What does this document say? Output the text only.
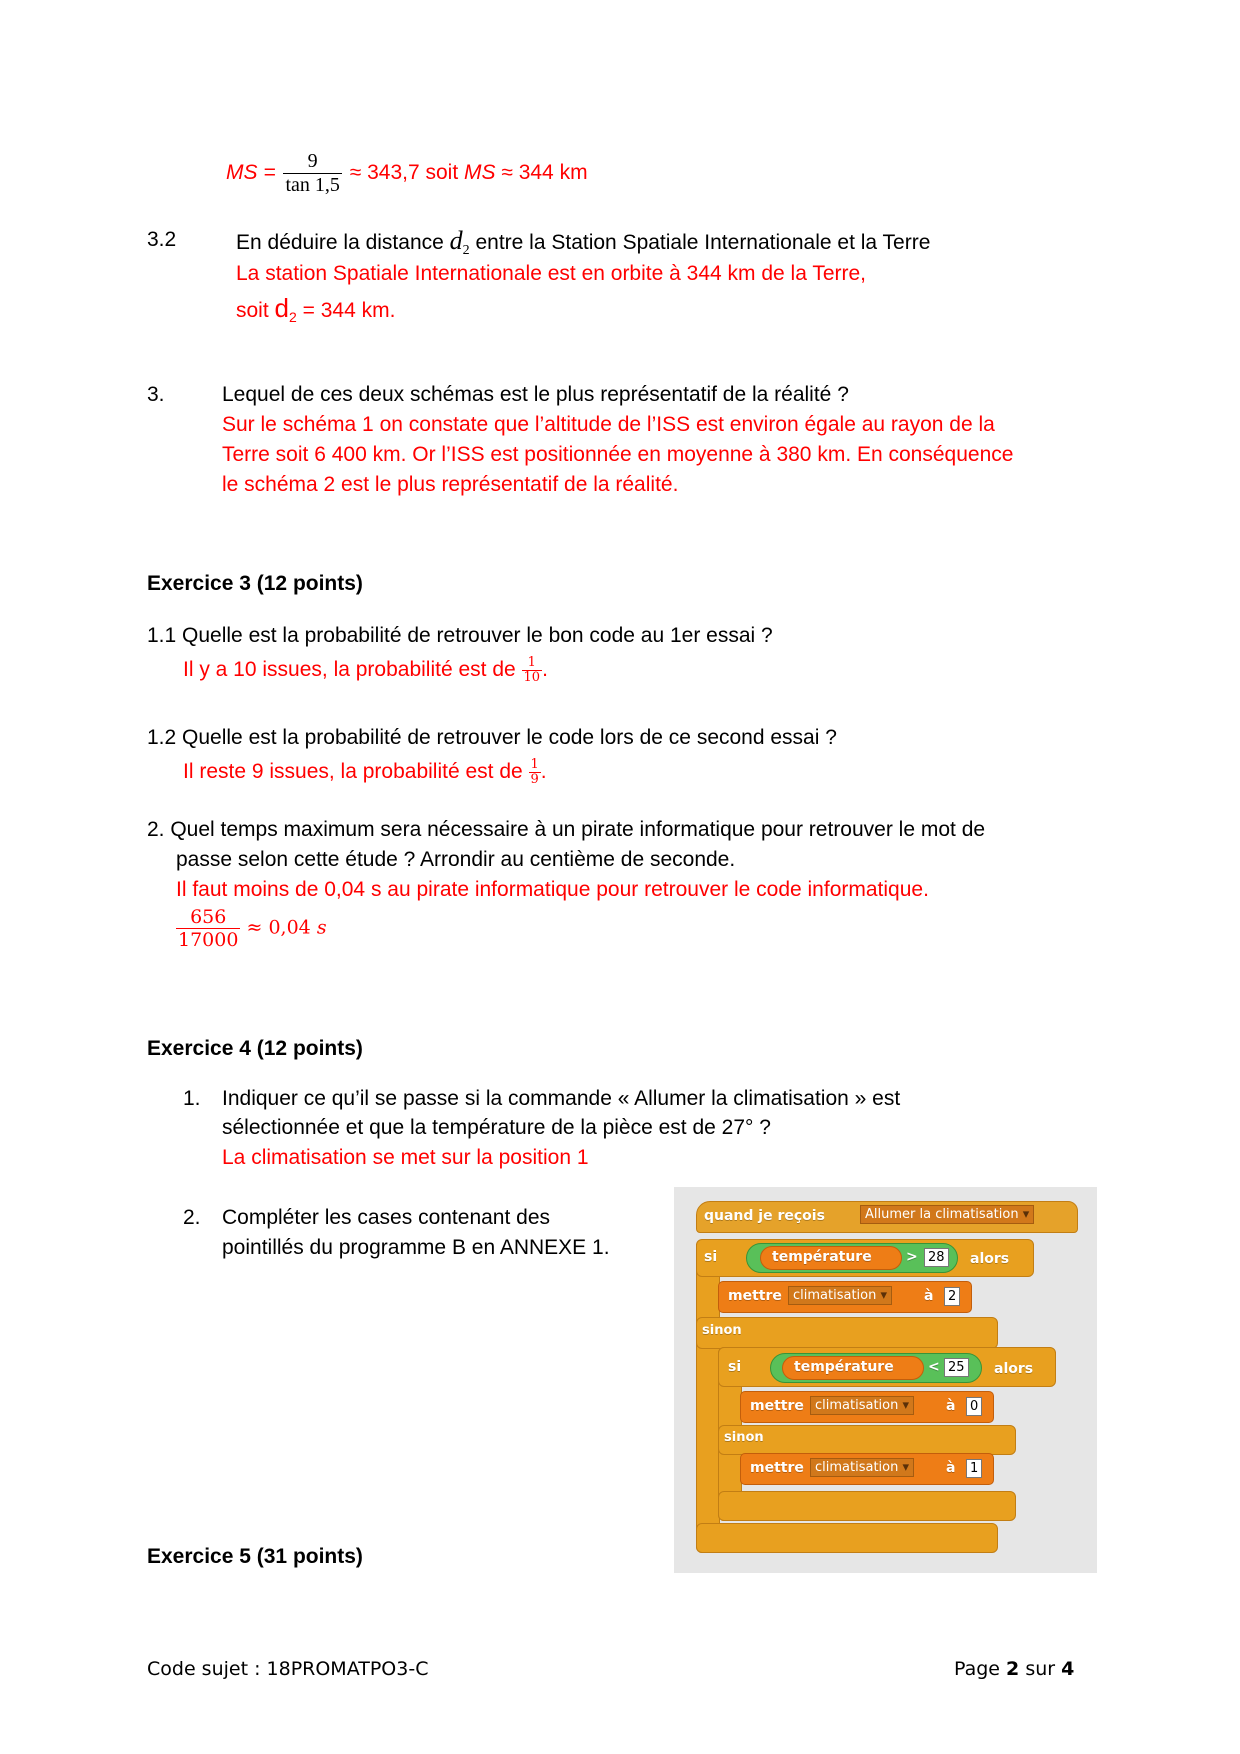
MS = $\frac{9}{\tan 1,5} \approx 343,7$ soit MS ≈ 344 km
3.2	En déduire la distance $d_2$ entre la Station Spatiale Internationale et la Terre
La station Spatiale Internationale est en orbite à 344 km de la Terre,
soit $d_2 = 344$ km.
3.	Lequel de ces deux schémas est le plus représentatif de la réalité ?
Sur le schéma 1 on constate que l’altitude de l’ISS est environ égale au rayon de la
Terre soit 6 400 km. Or l’ISS est positionnée en moyenne à 380 km. En conséquence
le schéma 2 est le plus représentatif de la réalité.
Exercice 3 (12 points)
1.1 Quelle est la probabilité de retrouver le bon code au 1er essai ?
Il y a 10 issues, la probabilité est de $\frac{1}{10}$ .
1.2 Quelle est la probabilité de retrouver le code lors de ce second essai ?
Il reste 9 issues, la probabilité est de $\frac{1}{9}$ .
2. Quel temps maximum sera nécessaire à un pirate informatique pour retrouver le mot de
passe selon cette étude ? Arrondir au centième de seconde.
Il faut moins de 0,04 s au pirate informatique pour retrouver le code informatique.
$\frac{656}{17000} \approx 0,04$ s
Exercice 4 (12 points)
1. Indiquer ce qu’il se passe si la commande « Allumer la climatisation » est
sélectionnée et que la température de la pièce est de 27° ?
La climatisation se met sur la position 1
2. Compléter les cases contenant des
pointillés du programme B en ANNEXE 1.
quand je reçois	Allumer la climatisation ▾
si	température > 28 alors
mettre climatisation ▾	à	2
sinon
si	température < 25 alors
mettre climatisation ▾	à	0
sinon
mettre climatisation ▾	à	1
Exercice 5 (31 points)
Code sujet : 18PROMATPO3-C	Page 2 sur 4
